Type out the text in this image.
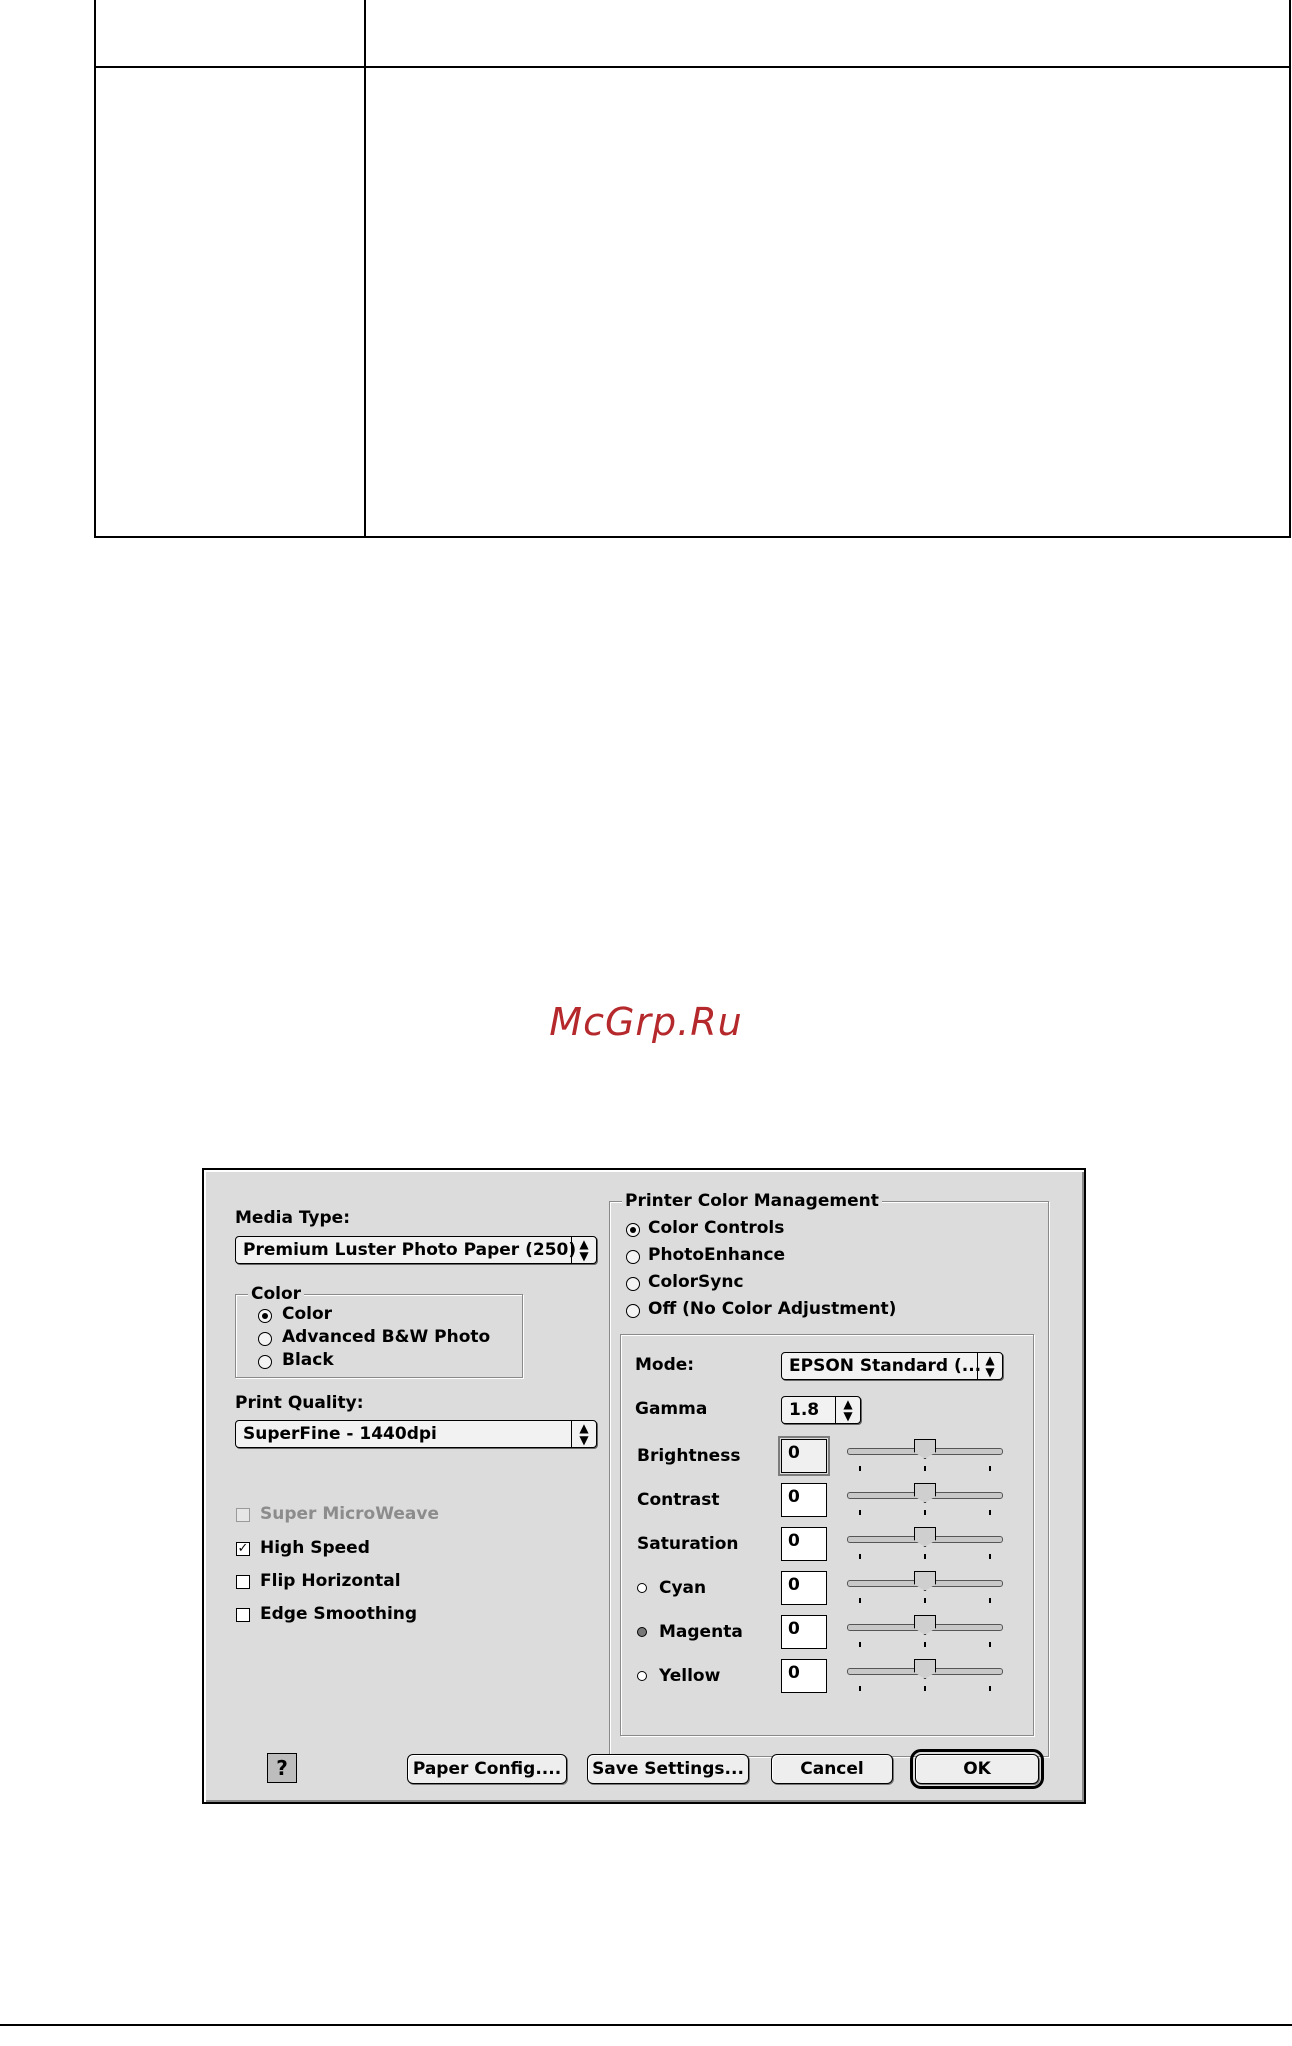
McGrp.Ru
Media Type:
Premium Luster Photo Paper (250) ▲
▼
Color
Color
Advanced B&W Photo
Black
Print Quality:
SuperFine - 1440dpi	▲
▼
Super MicroWeave
✓ High Speed
Flip Horizontal
Edge Smoothing
Printer Color Management
Color Controls
PhotoEnhance
ColorSync
Off (No Color Adjustment)
Mode:	EPSON Standard (... ▲
▼
Gamma	1.8	▲
▼
Brightness	0
Contrast	0
Saturation	0
Cyan	0
Magenta	0
Yellow	0
?	Paper Config....	Save Settings...	Cancel	OK
